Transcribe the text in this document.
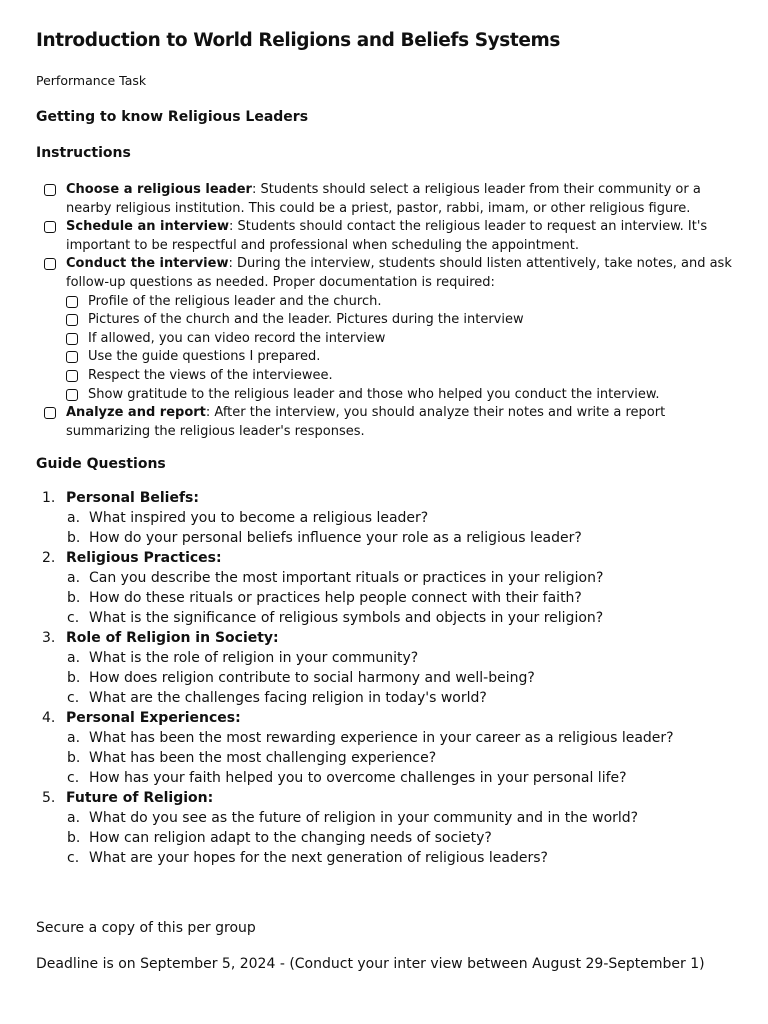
Introduction to World Religions and Beliefs Systems
Performance Task
Getting to know Religious Leaders
Instructions
Choose a religious leader: Students should select a religious leader from their community or a
nearby religious institution. This could be a priest, pastor, rabbi, imam, or other religious figure.
Schedule an interview: Students should contact the religious leader to request an interview. It's
important to be respectful and professional when scheduling the appointment.
Conduct the interview: During the interview, students should listen attentively, take notes, and ask
follow-up questions as needed. Proper documentation is required:
Profile of the religious leader and the church.
Pictures of the church and the leader. Pictures during the interview
If allowed, you can video record the interview
Use the guide questions I prepared.
Respect the views of the interviewee.
Show gratitude to the religious leader and those who helped you conduct the interview.
Analyze and report: After the interview, you should analyze their notes and write a report
summarizing the religious leader's responses.
Guide Questions
1. Personal Beliefs:
a. What inspired you to become a religious leader?
b. How do your personal beliefs influence your role as a religious leader?
2. Religious Practices:
a. Can you describe the most important rituals or practices in your religion?
b. How do these rituals or practices help people connect with their faith?
c. What is the significance of religious symbols and objects in your religion?
3. Role of Religion in Society:
a. What is the role of religion in your community?
b. How does religion contribute to social harmony and well-being?
c. What are the challenges facing religion in today's world?
4. Personal Experiences:
a. What has been the most rewarding experience in your career as a religious leader?
b. What has been the most challenging experience?
c. How has your faith helped you to overcome challenges in your personal life?
5. Future of Religion:
a. What do you see as the future of religion in your community and in the world?
b. How can religion adapt to the changing needs of society?
c. What are your hopes for the next generation of religious leaders?
Secure a copy of this per group
Deadline is on September 5, 2024 - (Conduct your inter view between August 29-September 1)
